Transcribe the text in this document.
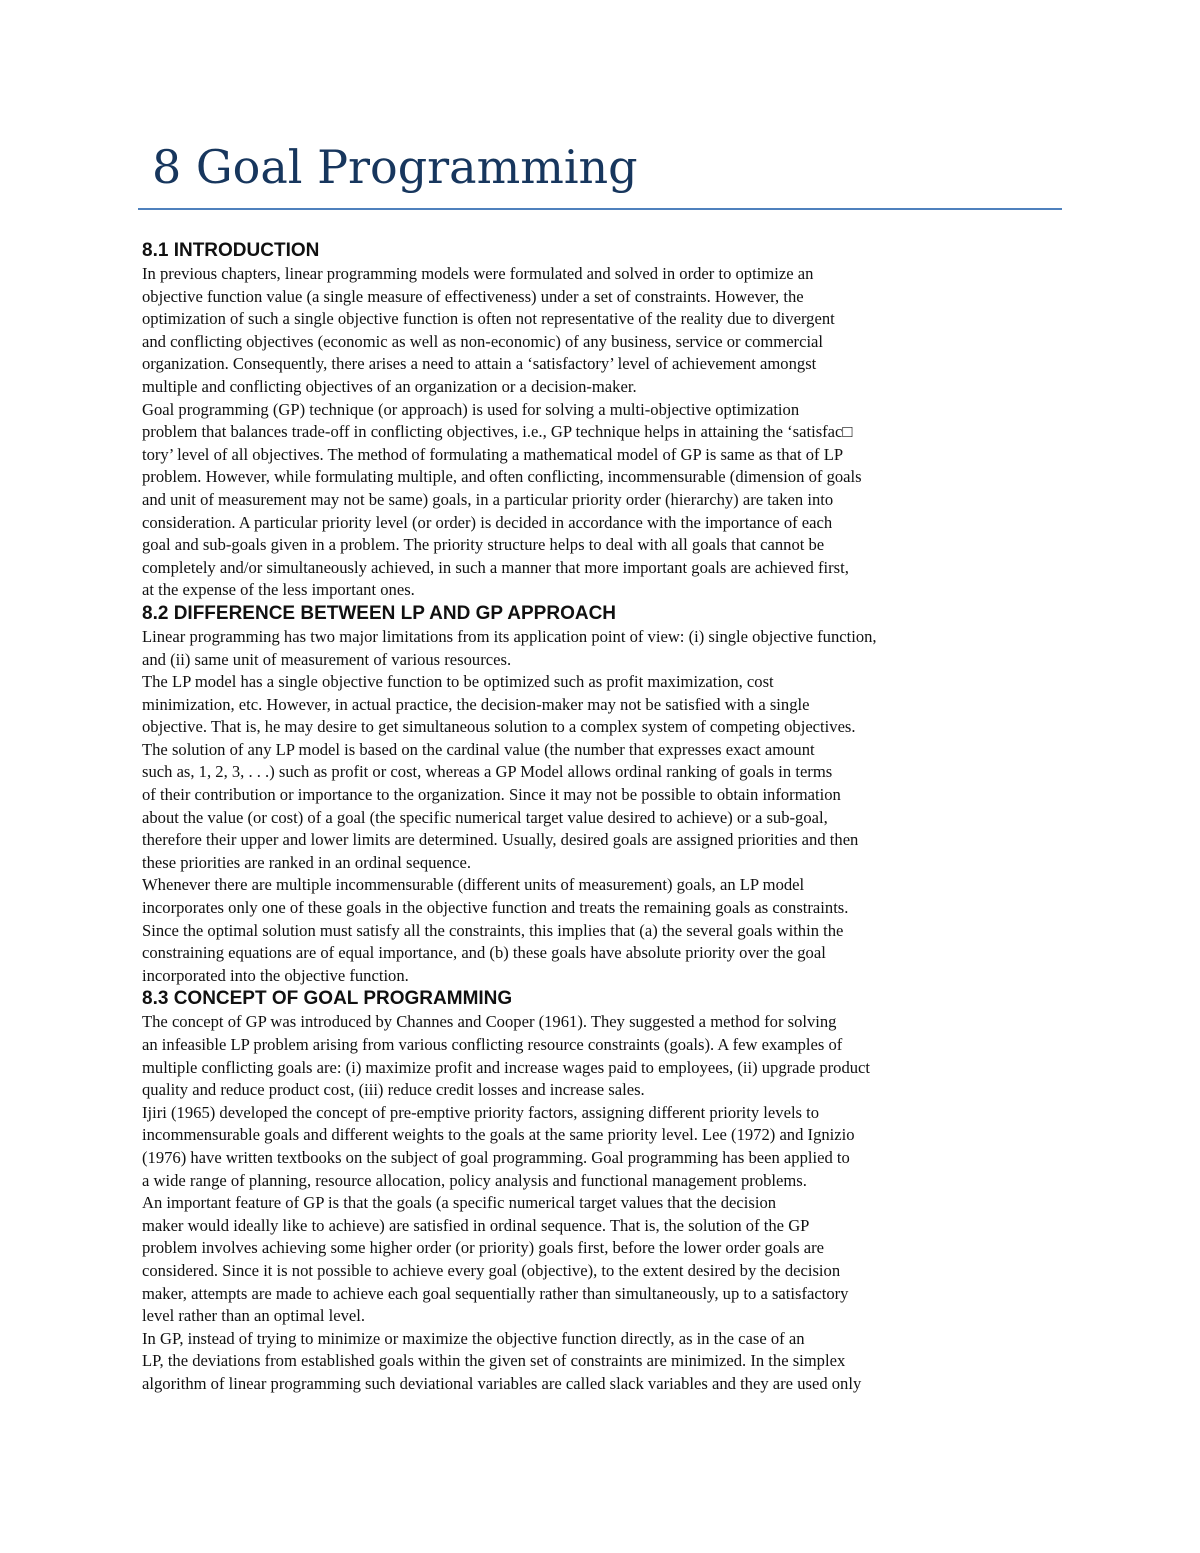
8 Goal Programming
8.1 INTRODUCTION
In previous chapters, linear programming models were formulated and solved in order to optimize an
objective function value (a single measure of effectiveness) under a set of constraints. However, the
optimization of such a single objective function is often not representative of the reality due to divergent
and conflicting objectives (economic as well as non-economic) of any business, service or commercial
organization. Consequently, there arises a need to attain a ‘satisfactory’ level of achievement amongst
multiple and conflicting objectives of an organization or a decision-maker.
Goal programming (GP) technique (or approach) is used for solving a multi-objective optimization
problem that balances trade-off in conflicting objectives, i.e., GP technique helps in attaining the ‘satisfac□
tory’ level of all objectives. The method of formulating a mathematical model of GP is same as that of LP
problem. However, while formulating multiple, and often conflicting, incommensurable (dimension of goals
and unit of measurement may not be same) goals, in a particular priority order (hierarchy) are taken into
consideration. A particular priority level (or order) is decided in accordance with the importance of each
goal and sub-goals given in a problem. The priority structure helps to deal with all goals that cannot be
completely and/or simultaneously achieved, in such a manner that more important goals are achieved first,
at the expense of the less important ones.
8.2 DIFFERENCE BETWEEN LP AND GP APPROACH
Linear programming has two major limitations from its application point of view: (i) single objective function,
and (ii) same unit of measurement of various resources.
The LP model has a single objective function to be optimized such as profit maximization, cost
minimization, etc. However, in actual practice, the decision-maker may not be satisfied with a single
objective. That is, he may desire to get simultaneous solution to a complex system of competing objectives.
The solution of any LP model is based on the cardinal value (the number that expresses exact amount
such as, 1, 2, 3, . . .) such as profit or cost, whereas a GP Model allows ordinal ranking of goals in terms
of their contribution or importance to the organization. Since it may not be possible to obtain information
about the value (or cost) of a goal (the specific numerical target value desired to achieve) or a sub-goal,
therefore their upper and lower limits are determined. Usually, desired goals are assigned priorities and then
these priorities are ranked in an ordinal sequence.
Whenever there are multiple incommensurable (different units of measurement) goals, an LP model
incorporates only one of these goals in the objective function and treats the remaining goals as constraints.
Since the optimal solution must satisfy all the constraints, this implies that (a) the several goals within the
constraining equations are of equal importance, and (b) these goals have absolute priority over the goal
incorporated into the objective function.
8.3 CONCEPT OF GOAL PROGRAMMING
The concept of GP was introduced by Channes and Cooper (1961). They suggested a method for solving
an infeasible LP problem arising from various conflicting resource constraints (goals). A few examples of
multiple conflicting goals are: (i) maximize profit and increase wages paid to employees, (ii) upgrade product
quality and reduce product cost, (iii) reduce credit losses and increase sales.
Ijiri (1965) developed the concept of pre-emptive priority factors, assigning different priority levels to
incommensurable goals and different weights to the goals at the same priority level. Lee (1972) and Ignizio
(1976) have written textbooks on the subject of goal programming. Goal programming has been applied to
a wide range of planning, resource allocation, policy analysis and functional management problems.
An important feature of GP is that the goals (a specific numerical target values that the decision
maker would ideally like to achieve) are satisfied in ordinal sequence. That is, the solution of the GP
problem involves achieving some higher order (or priority) goals first, before the lower order goals are
considered. Since it is not possible to achieve every goal (objective), to the extent desired by the decision
maker, attempts are made to achieve each goal sequentially rather than simultaneously, up to a satisfactory
level rather than an optimal level.
In GP, instead of trying to minimize or maximize the objective function directly, as in the case of an
LP, the deviations from established goals within the given set of constraints are minimized. In the simplex
algorithm of linear programming such deviational variables are called slack variables and they are used only
